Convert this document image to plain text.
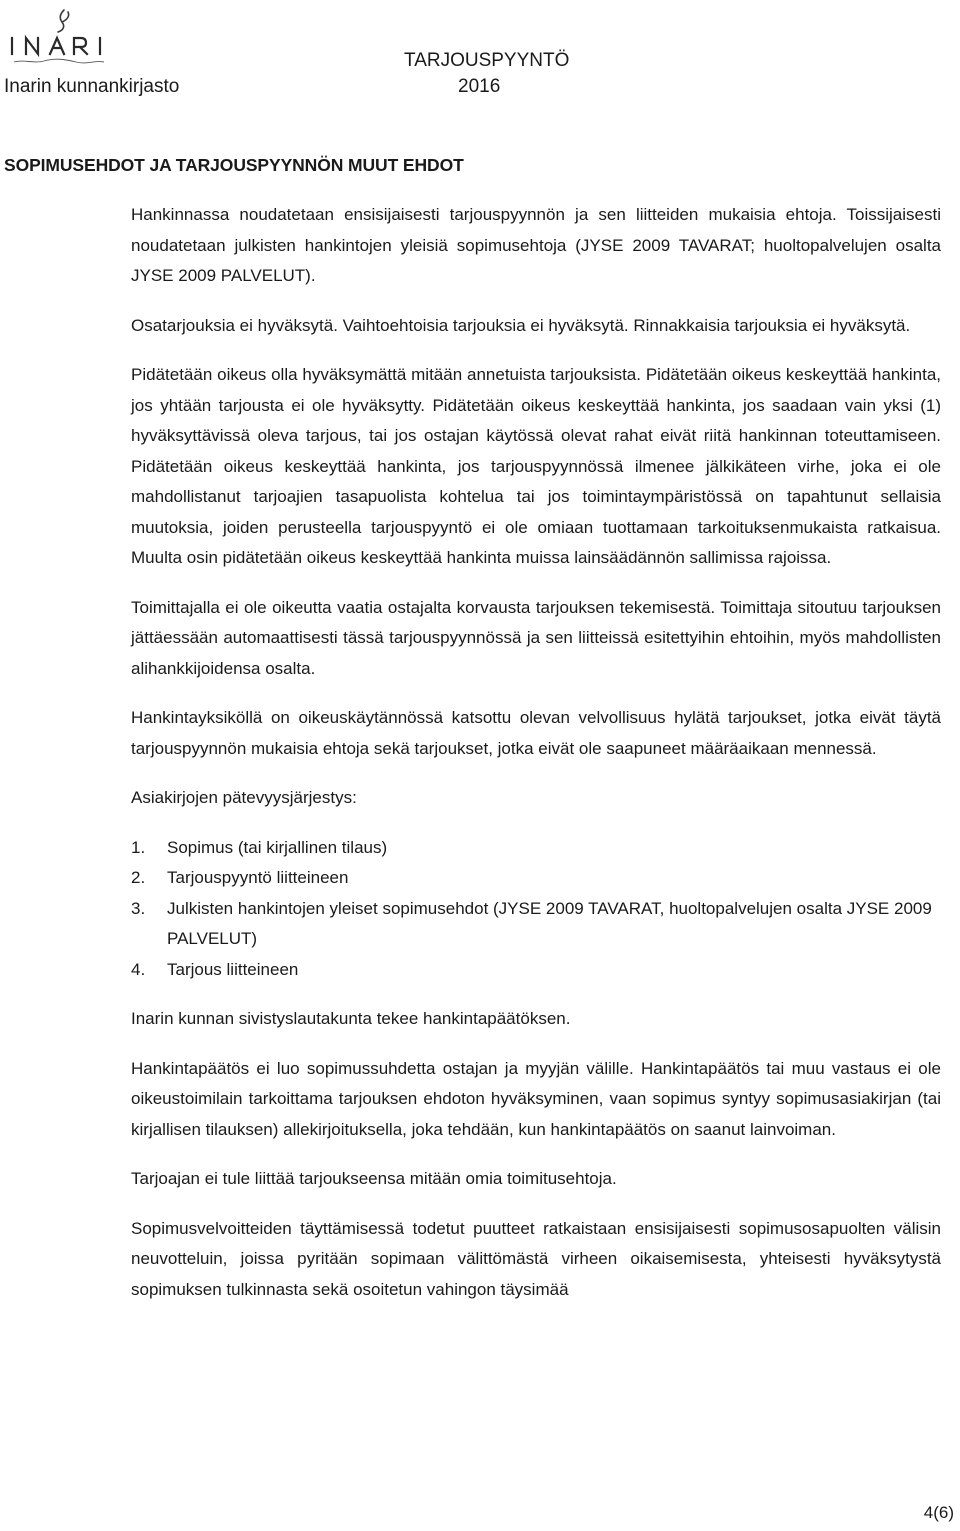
TARJOUSPYYNTÖ
Inarin kunnankirjasto	2016
SOPIMUSEHDOT JA TARJOUSPYYNNÖN MUUT EHDOT

Hankinnassa noudatetaan ensisijaisesti tarjouspyynnön ja sen liitteiden mukaisia ehtoja. Toissijaisesti noudatetaan julkisten hankintojen yleisiä sopimusehtoja (JYSE 2009 TAVARAT; huoltopalvelujen osalta JYSE 2009 PALVELUT).

Osatarjouksia ei hyväksytä. Vaihtoehtoisia tarjouksia ei hyväksytä. Rinnakkaisia tarjouksia ei hyväksytä.

Pidätetään oikeus olla hyväksymättä mitään annetuista tarjouksista. Pidätetään oikeus keskeyttää hankinta, jos yhtään tarjousta ei ole hyväksytty. Pidätetään oikeus keskeyttää hankinta, jos saadaan vain yksi (1) hyväksyttävissä oleva tarjous, tai jos ostajan käytössä olevat rahat eivät riitä hankinnan toteuttamiseen. Pidätetään oikeus keskeyttää hankinta, jos tarjouspyynnössä ilmenee jälkikäteen virhe, joka ei ole mahdollistanut tarjoajien tasapuolista kohtelua tai jos toimintaympäristössä on tapahtunut sellaisia muutoksia, joiden perusteella tarjouspyyntö ei ole omiaan tuottamaan tarkoituksenmukaista ratkaisua. Muulta osin pidätetään oikeus keskeyttää hankinta muissa lainsäädännön sallimissa rajoissa.

Toimittajalla ei ole oikeutta vaatia ostajalta korvausta tarjouksen tekemisestä. Toimittaja sitoutuu tarjouksen jättäessään automaattisesti tässä tarjouspyynnössä ja sen liitteissä esitettyihin ehtoihin, myös mahdollisten alihankkijoidensa osalta.

Hankintayksiköllä on oikeuskäytännössä katsottu olevan velvollisuus hylätä tarjoukset, jotka eivät täytä tarjouspyynnön mukaisia ehtoja sekä tarjoukset, jotka eivät ole saapuneet määräaikaan mennessä.

Asiakirjojen pätevyysjärjestys:

1. Sopimus (tai kirjallinen tilaus)
2. Tarjouspyyntö liitteineen
3. Julkisten hankintojen yleiset sopimusehdot (JYSE 2009 TAVARAT, huoltopalvelujen osalta JYSE 2009 PALVELUT)
4. Tarjous liitteineen

Inarin kunnan sivistyslautakunta tekee hankintapäätöksen.

Hankintapäätös ei luo sopimussuhdetta ostajan ja myyjän välille. Hankintapäätös tai muu vastaus ei ole oikeustoimilain tarkoittama tarjouksen ehdoton hyväksyminen, vaan sopimus syntyy sopimusasiakirjan (tai kirjallisen tilauksen) allekirjoituksella, joka tehdään, kun hankintapäätös on saanut lainvoiman.

Tarjoajan ei tule liittää tarjoukseensa mitään omia toimitusehtoja.

Sopimusvelvoitteiden täyttämisessä todetut puutteet ratkaistaan ensisijaisesti sopimusosapuolten välisin neuvotteluin, joissa pyritään sopimaan välittömästä virheen oikaisemisesta, yhteisesti hyväksytystä sopimuksen tulkinnasta sekä osoitetun vahingon täysimää

4(6)
